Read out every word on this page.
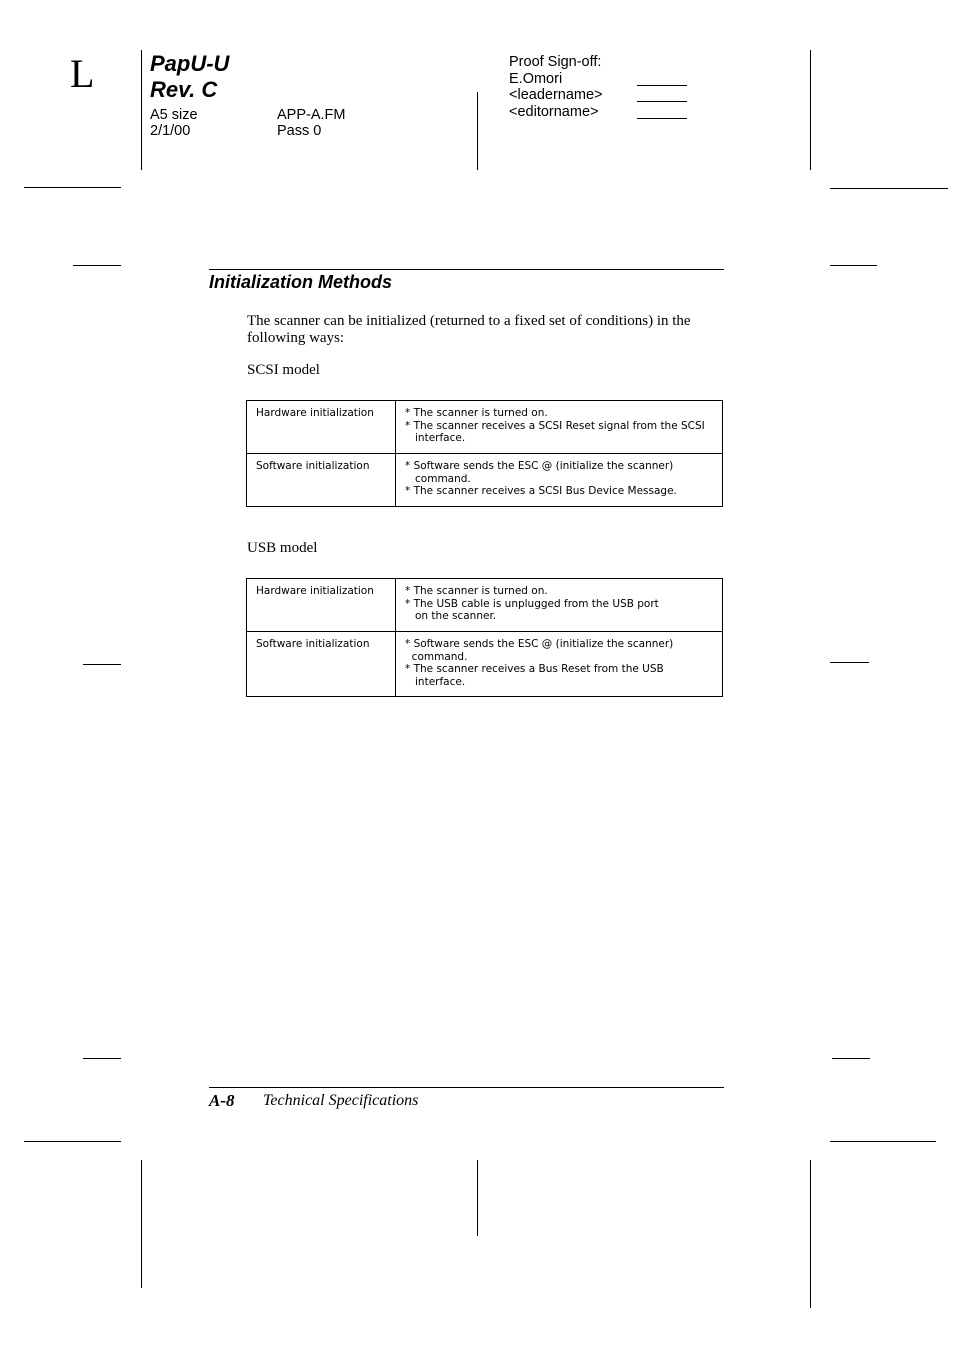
L	PapU-U
Rev. C
A5 size
2/1/00
APP-A.FM
Pass 0
Proof Sign-off:
E.Omori
<leadername>
<editorname>
Initialization Methods
The scanner can be initialized (returned to a fixed set of conditions) in the following ways:
SCSI model
Hardware initialization	* The scanner is turned on.
* The scanner receives a SCSI Reset signal from the SCSI
interface.

Software initialization	* Software sends the ESC @ (initialize the scanner)
command.
* The scanner receives a SCSI Bus Device Message.
USB model
Hardware initialization	* The scanner is turned on.
* The USB cable is unplugged from the USB port
on the scanner.

Software initialization	* Software sends the ESC @ (initialize the scanner)
command.
* The scanner receives a Bus Reset from the USB
interface.
A-8 Technical Specifications
